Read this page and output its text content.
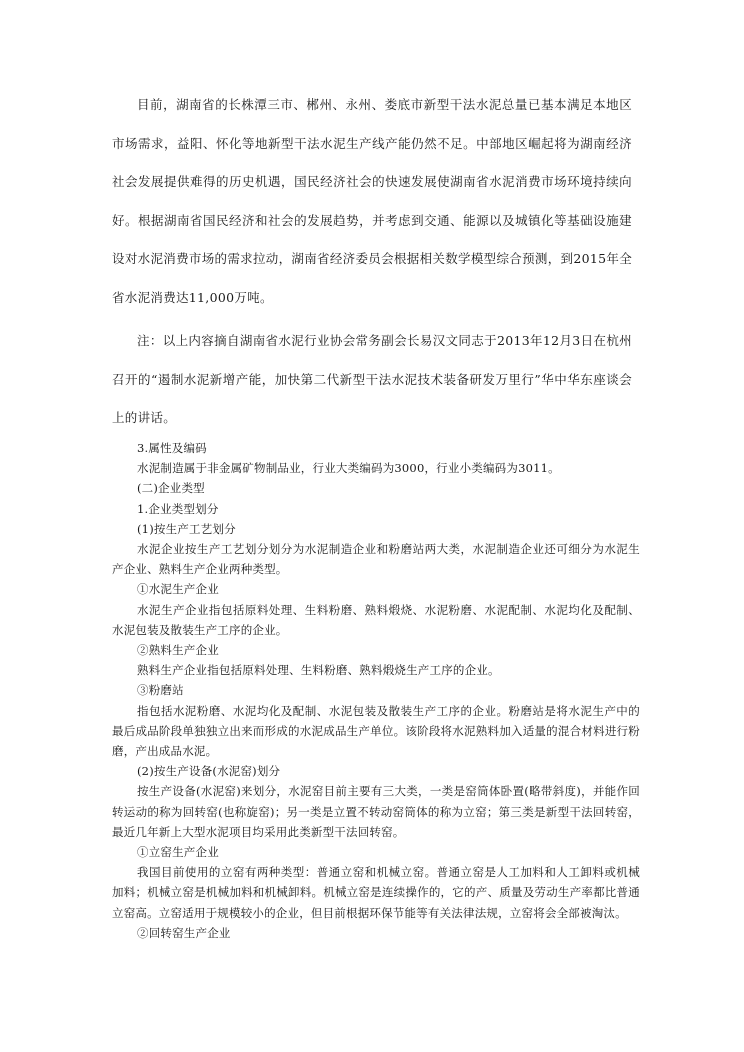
目前，湖南省的长株潭三市、郴州、永州、娄底市新型干法水泥总量已基本满足本地区市场需求，益阳、怀化等地新型干法水泥生产线产能仍然不足。中部地区崛起将为湖南经济社会发展提供难得的历史机遇，国民经济社会的快速发展使湖南省水泥消费市场环境持续向好。根据湖南省国民经济和社会的发展趋势，并考虑到交通、能源以及城镇化等基础设施建设对水泥消费市场的需求拉动，湖南省经济委员会根据相关数学模型综合预测，到2015年全省水泥消费达11,000万吨。

注：以上内容摘自湖南省水泥行业协会常务副会长易汉文同志于2013年12月3日在杭州召开的“遏制水泥新增产能，加快第二代新型干法水泥技术装备研发万里行”华中华东座谈会上的讲话。

3.属性及编码

水泥制造属于非金属矿物制品业，行业大类编码为3000，行业小类编码为3011。

(二)企业类型

1.企业类型划分

(1)按生产工艺划分

水泥企业按生产工艺划分划分为水泥制造企业和粉磨站两大类，水泥制造企业还可细分为水泥生产企业、熟料生产企业两种类型。

①水泥生产企业

水泥生产企业指包括原料处理、生料粉磨、熟料煅烧、水泥粉磨、水泥配制、水泥均化及配制、水泥包装及散装生产工序的企业。

②熟料生产企业

熟料生产企业指包括原料处理、生料粉磨、熟料煅烧生产工序的企业。

③粉磨站

指包括水泥粉磨、水泥均化及配制、水泥包装及散装生产工序的企业。粉磨站是将水泥生产中的最后成品阶段单独独立出来而形成的水泥成品生产单位。该阶段将水泥熟料加入适量的混合材料进行粉磨，产出成品水泥。

(2)按生产设备(水泥窑)划分

按生产设备(水泥窑)来划分，水泥窑目前主要有三大类，一类是窑筒体卧置(略带斜度)，并能作回转运动的称为回转窑(也称旋窑)；另一类是立置不转动窑筒体的称为立窑；第三类是新型干法回转窑，最近几年新上大型水泥项目均采用此类新型干法回转窑。

①立窑生产企业

我国目前使用的立窑有两种类型：普通立窑和机械立窑。普通立窑是人工加料和人工卸料或机械加料；机械立窑是机械加料和机械卸料。机械立窑是连续操作的，它的产、质量及劳动生产率都比普通立窑高。立窑适用于规模较小的企业，但目前根据环保节能等有关法律法规，立窑将会全部被淘汰。

②回转窑生产企业
